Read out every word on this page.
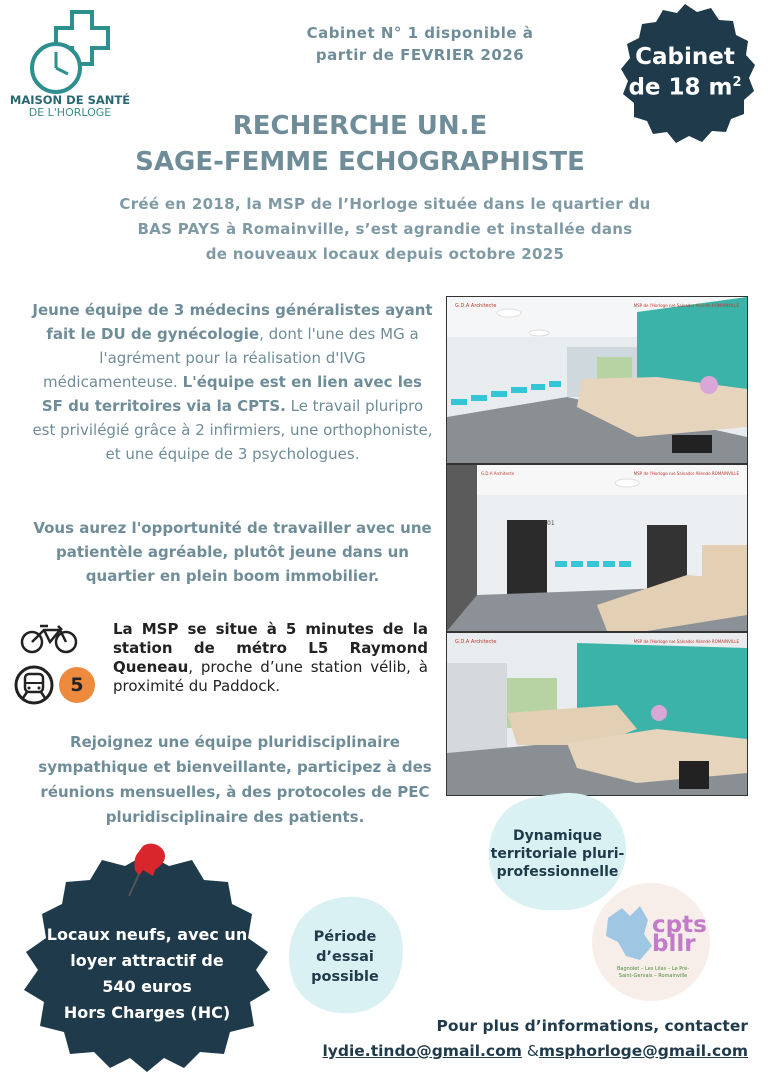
MAISON DE SANTÉ
DE L'HORLOGE
Cabinet N° 1 disponible à
partir de FEVRIER 2026	Cabinet
de 18 $m^2$
RECHERCHE UN.E
SAGE-FEMME ECHOGRAPHISTE
Créé en 2018, la MSP de l’Horloge située dans le quartier du
BAS PAYS à Romainville, s’est agrandie et installée dans
de nouveaux locaux depuis octobre 2025
Jeune équipe de 3 médecins généralistes ayant fait le DU de gynécologie, dont l'une des MG a l'agrément pour la réalisation d'IVG médicamenteuse. L'équipe est en lien avec les SF du territoires via la CPTS. Le travail pluripro est privilégié grâce à 2 infirmiers, une orthophoniste, et une équipe de 3 psychologues.
Vous aurez l'opportunité de travailler avec une patientèle agréable, plutôt jeune dans un quartier en plein boom immobilier.
G.D.A Architecte	MSP de l'Horloge rue Salvador Allende ROMAINVILLE
01
MSP de l'Horloge rue Salvador Allende ROMAINVILLE
G.D.A Architecte
G.D.A Architecte	MSP de l'Horloge rue Salvador Allende ROMAINVILLE
5
La MSP se situe à 5 minutes de la station de métro L5 Raymond Queneau, proche d’une station vélib, à proximité du Paddock.
Rejoignez une équipe pluridisciplinaire sympathique et bienveillante, participez à des réunions mensuelles, à des protocoles de PEC pluridisciplinaire des patients.
Dynamique
territoriale pluri-
professionnelle
cpts
bllr
Bagnolet – Les Lilas – Le Pré-Saint-Gervais – Romainville
Locaux neufs, avec un
loyer attractif de
540 euros
Hors Charges (HC)
Période
d’essai
possible
Pour plus d’informations, contacter
lydie.tindo@gmail.com &msphorloge@gmail.com
